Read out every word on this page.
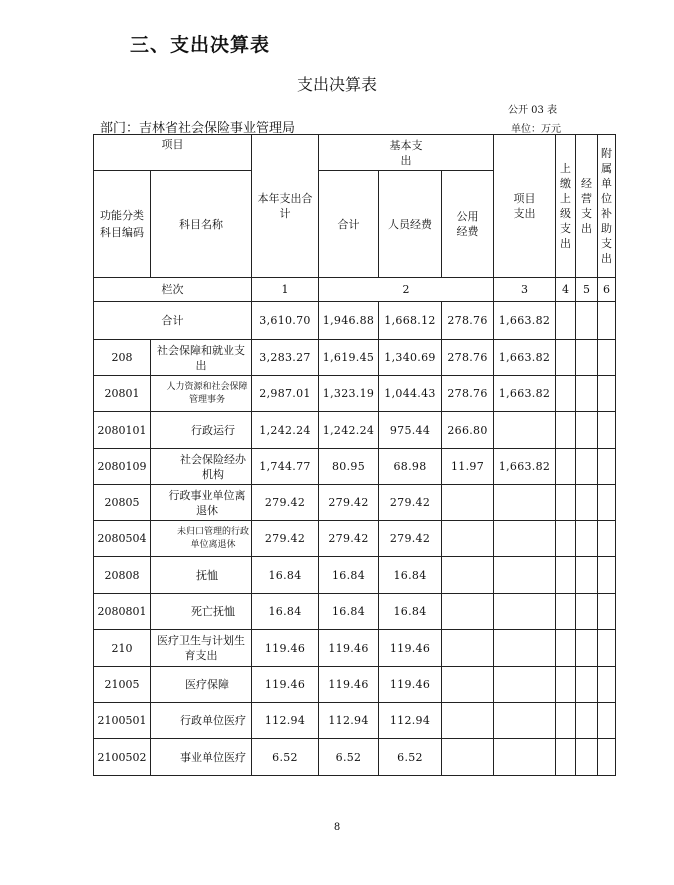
三、支出决算表
支出决算表
公开 03 表
部门：吉林省社会保险事业管理局	单位：万元
项目		本年支出合计	基本支出			项目支出	上缴上级支出	经营支出	附属单位补助支出
功能分类科目编码	科目名称		合计	人员经费	公用经费				
栏次		1	2			3	4	5	6
合计		3,610.70	1,946.88	1,668.12	278.76	1,663.82			
208	社会保障和就业支出	3,283.27	1,619.45	1,340.69	278.76	1,663.82			
20801	人力资源和社会保障管理事务	2,987.01	1,323.19	1,044.43	278.76	1,663.82			
2080101	行政运行	1,242.24	1,242.24	975.44	266.80				
2080109	社会保险经办机构	1,744.77	80.95	68.98	11.97	1,663.82			
20805	行政事业单位离退休	279.42	279.42	279.42					
2080504	未归口管理的行政单位离退休	279.42	279.42	279.42					
20808	抚恤	16.84	16.84	16.84					
2080801	死亡抚恤	16.84	16.84	16.84					
210	医疗卫生与计划生育支出	119.46	119.46	119.46					
21005	医疗保障	119.46	119.46	119.46					
2100501	行政单位医疗	112.94	112.94	112.94					
2100502	事业单位医疗	6.52	6.52	6.52					
8
